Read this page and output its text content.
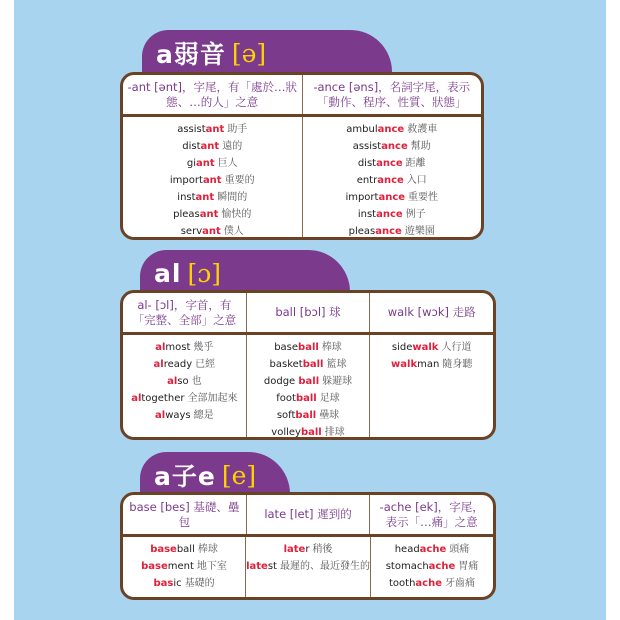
a弱音 [ə]
-ant [ənt]，字尾，有「處於…狀態、…的人」之意
-ance [əns]，名詞字尾，表示「動作、程序、性質、狀態」
assistant 助手
distant 遠的
giant 巨人
important 重要的
instant 瞬間的
pleasant 愉快的
servant 僕人
ambulance 救護車
assistance 幫助
distance 距離
entrance 入口
importance 重要性
instance 例子
pleasance 遊樂園
al [ɔ]
al- [ɔl]，字首，有「完整、全部」之意
ball [bɔl] 球	walk [wɔk] 走路
almost 幾乎
already 已經
also 也
altogether 全部加起來
always 總是
baseball 棒球
basketball 籃球
dodge ball 躲避球
football 足球
softball 壘球
volleyball 排球
sidewalk 人行道
walkman 隨身聽
a子e [e]
base [bes] 基礎、壘包
late [let] 遲到的
-ache [ek]，字尾，表示「…痛」之意
baseball 棒球
basement 地下室
basic 基礎的
later 稍後
latest 最遲的、最近發生的
headache 頭痛
stomachache 胃痛
toothache 牙齒痛
